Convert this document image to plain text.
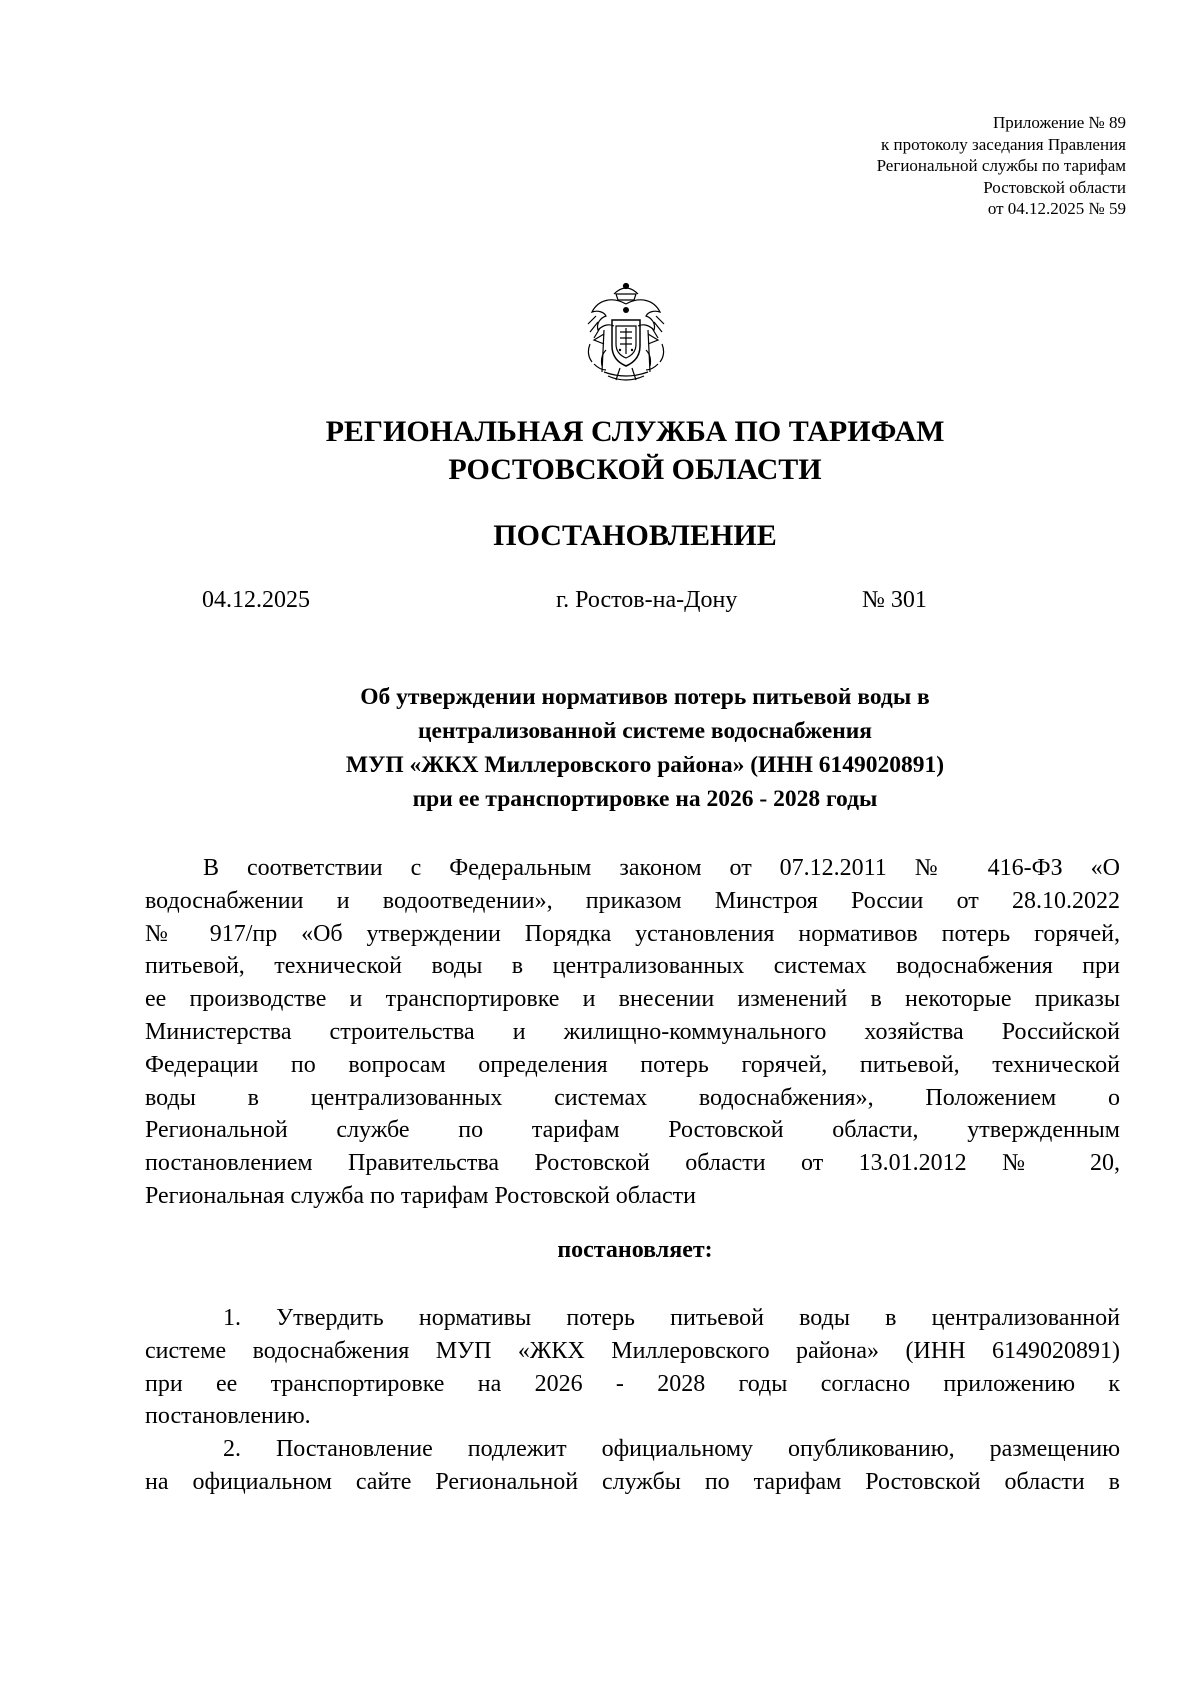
Приложение № 89
к протоколу заседания Правления
Региональной службы по тарифам
Ростовской области
от 04.12.2025 № 59
РЕГИОНАЛЬНАЯ СЛУЖБА ПО ТАРИФАМ
РОСТОВСКОЙ ОБЛАСТИ
ПОСТАНОВЛЕНИЕ
04.12.2025	г. Ростов-на-Дону	№ 301
Об утверждении нормативов потерь питьевой воды в
централизованной системе водоснабжения
МУП «ЖКХ Миллеровского района» (ИНН 6149020891)
при ее транспортировке на 2026 - 2028 годы
В соответствии с Федеральным законом от 07.12.2011 № 416-ФЗ «О
водоснабжении и водоотведении», приказом Минстроя России от 28.10.2022
№ 917/пр «Об утверждении Порядка установления нормативов потерь горячей,
питьевой, технической воды в централизованных системах водоснабжения при
ее производстве и транспортировке и внесении изменений в некоторые приказы
Министерства строительства и жилищно-коммунального хозяйства Российской
Федерации по вопросам определения потерь горячей, питьевой, технической
воды в централизованных системах водоснабжения», Положением о
Региональной службе по тарифам Ростовской области, утвержденным
постановлением Правительства Ростовской области от 13.01.2012 № 20,
Региональная служба по тарифам Ростовской области
постановляет:
1. Утвердить нормативы потерь питьевой воды в централизованной
системе водоснабжения МУП «ЖКХ Миллеровского района» (ИНН 6149020891)
при ее транспортировке на 2026 - 2028 годы согласно приложению к
постановлению.
2. Постановление подлежит официальному опубликованию, размещению
на официальном сайте Региональной службы по тарифам Ростовской области в
